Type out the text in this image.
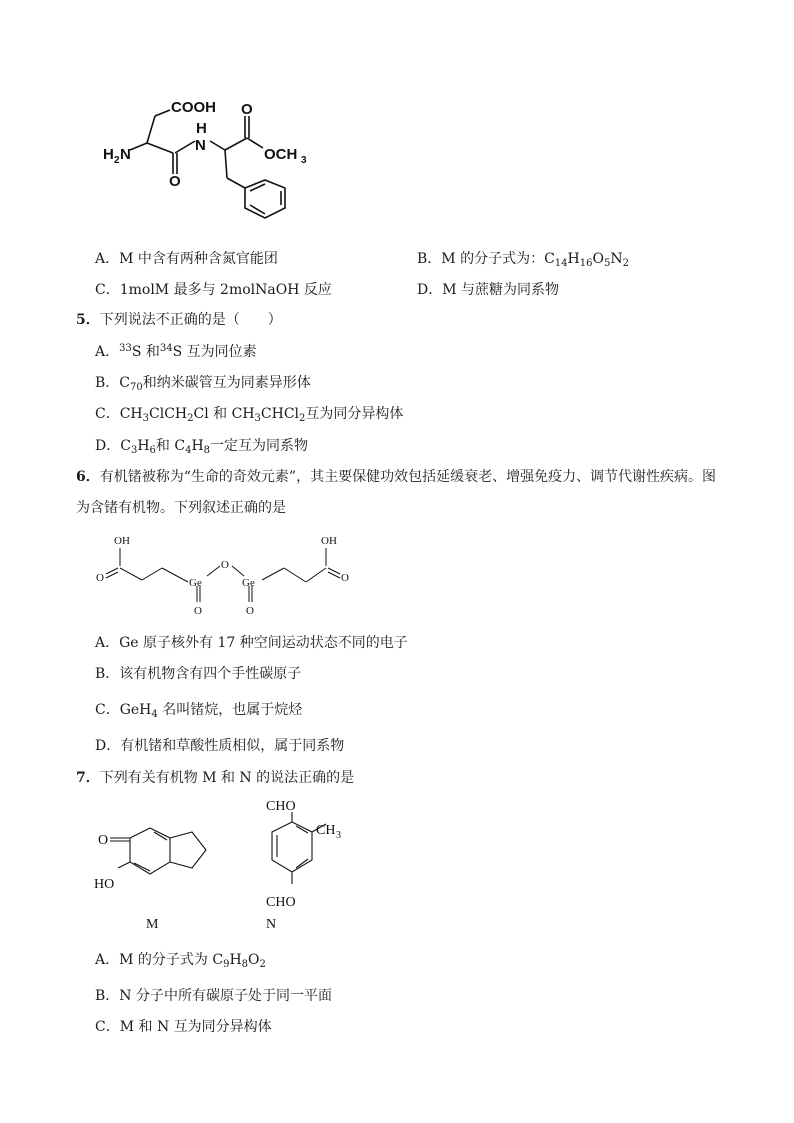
COOH
H
N
H 2 N
O
O
OCH 3
A．M 中含有两种含氮官能团	B．M 的分子式为：$C_{14}H_{16}O_5N_2$
C．1molM 最多与 2molNaOH 反应	D．M 与蔗糖为同系物
5．下列说法不正确的是（　　）
A．$^{33}$S 和$^{34}$S 互为同位素
B．$C_{70}$和纳米碳管互为同素异形体
C．$CH_3ClCH_2Cl$ 和 $CH_3CHCl_2$互为同分异构体
D．$C_3H_6$和 $C_4H_8$一定互为同系物
6．有机锗被称为“生命的奇效元素”，其主要保健功效包括延缓衰老、增强免疫力、调节代谢性疾病。图
为含锗有机物。下列叙述正确的是
OH
O	Ge
O
Ge
O	O
OH
O
A．Ge 原子核外有 17 种空间运动状态不同的电子
B．该有机物含有四个手性碳原子
C．GeH$_4$ 名叫锗烷，也属于烷烃
D．有机锗和草酸性质相似，属于同系物
7．下列有关有机物 M 和 N 的说法正确的是
O
HO
M
CHO
CH 3
CHO
N
A．M 的分子式为 $C_9H_8O_2$
B．N 分子中所有碳原子处于同一平面
C．M 和 N 互为同分异构体
